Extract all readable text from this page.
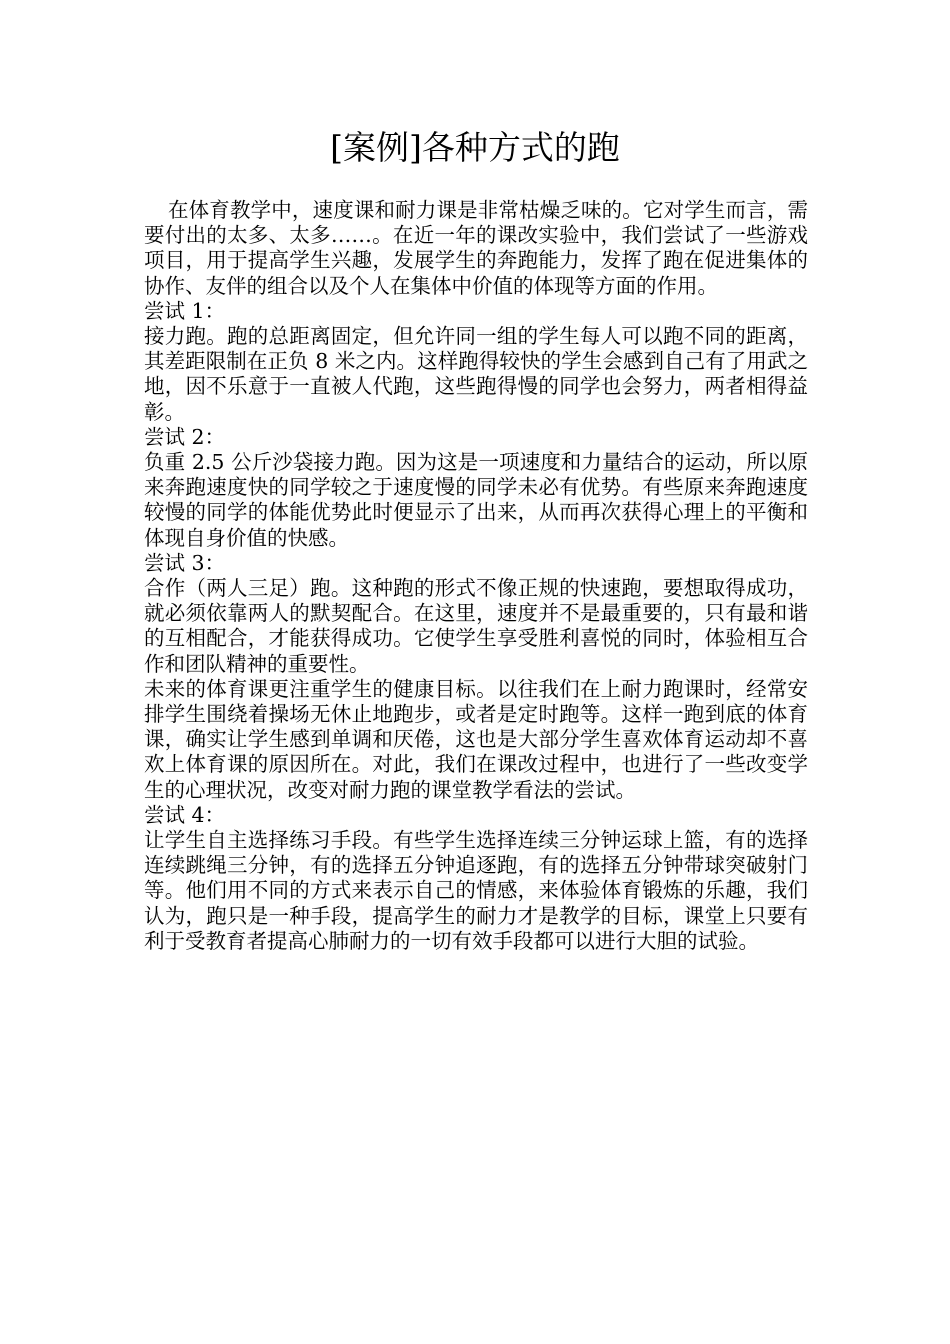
[案例]各种方式的跑

在体育教学中，速度课和耐力课是非常枯燥乏味的。它对学生而言，需要付出的太多、太多……。在近一年的课改实验中，我们尝试了一些游戏项目，用于提高学生兴趣，发展学生的奔跑能力，发挥了跑在促进集体的协作、友伴的组合以及个人在集体中价值的体现等方面的作用。

尝试 1：

接力跑。跑的总距离固定，但允许同一组的学生每人可以跑不同的距离，其差距限制在正负 8 米之内。这样跑得较快的学生会感到自己有了用武之地，因不乐意于一直被人代跑，这些跑得慢的同学也会努力，两者相得益彰。

尝试 2：

负重 2.5 公斤沙袋接力跑。因为这是一项速度和力量结合的运动，所以原来奔跑速度快的同学较之于速度慢的同学未必有优势。有些原来奔跑速度较慢的同学的体能优势此时便显示了出来，从而再次获得心理上的平衡和体现自身价值的快感。

尝试 3：

合作（两人三足）跑。这种跑的形式不像正规的快速跑，要想取得成功，就必须依靠两人的默契配合。在这里，速度并不是最重要的，只有最和谐的互相配合，才能获得成功。它使学生享受胜利喜悦的同时，体验相互合作和团队精神的重要性。

未来的体育课更注重学生的健康目标。以往我们在上耐力跑课时，经常安排学生围绕着操场无休止地跑步，或者是定时跑等。这样一跑到底的体育课，确实让学生感到单调和厌倦，这也是大部分学生喜欢体育运动却不喜欢上体育课的原因所在。对此，我们在课改过程中，也进行了一些改变学生的心理状况，改变对耐力跑的课堂教学看法的尝试。

尝试 4：

让学生自主选择练习手段。有些学生选择连续三分钟运球上篮，有的选择连续跳绳三分钟，有的选择五分钟追逐跑，有的选择五分钟带球突破射门等。他们用不同的方式来表示自己的情感，来体验体育锻炼的乐趣，我们认为，跑只是一种手段，提高学生的耐力才是教学的目标，课堂上只要有利于受教育者提高心肺耐力的一切有效手段都可以进行大胆的试验。
